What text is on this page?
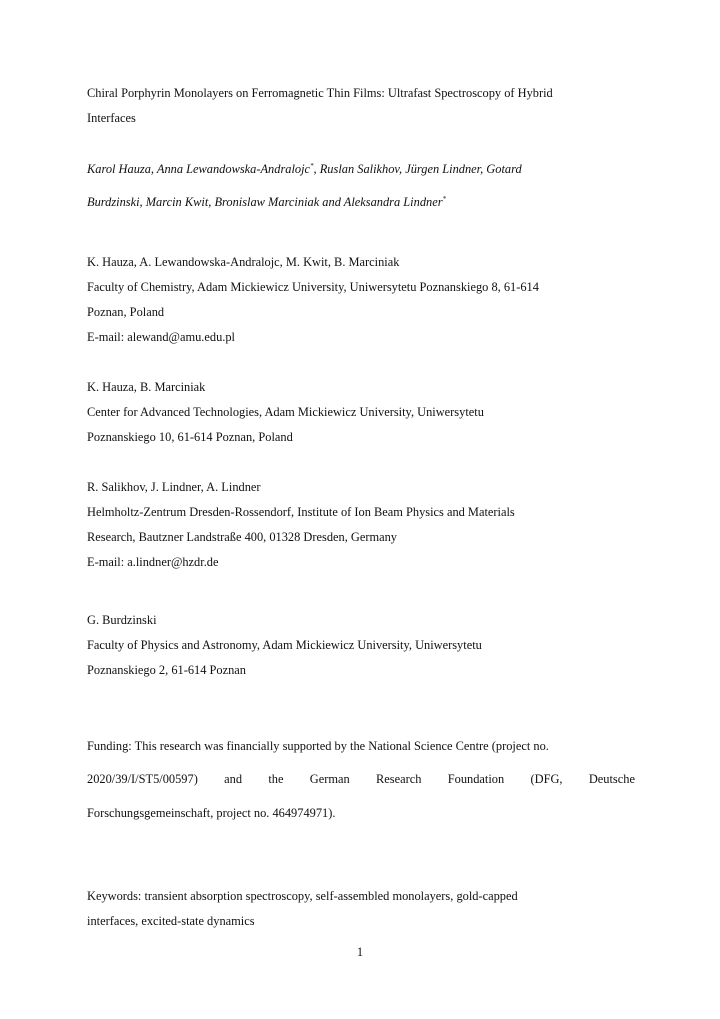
Chiral Porphyrin Monolayers on Ferromagnetic Thin Films: Ultrafast Spectroscopy of Hybrid
Interfaces
Karol Hauza, Anna Lewandowska-Andralojc*, Ruslan Salikhov, Jürgen Lindner, Gotard
Burdzinski, Marcin Kwit, Bronislaw Marciniak and Aleksandra Lindner*
K. Hauza, A. Lewandowska-Andralojc, M. Kwit, B. Marciniak
Faculty of Chemistry, Adam Mickiewicz University, Uniwersytetu Poznanskiego 8, 61-614
Poznan, Poland
E-mail: alewand@amu.edu.pl
K. Hauza, B. Marciniak
Center for Advanced Technologies, Adam Mickiewicz University, Uniwersytetu
Poznanskiego 10, 61-614 Poznan, Poland
R. Salikhov, J. Lindner, A. Lindner
Helmholtz-Zentrum Dresden-Rossendorf, Institute of Ion Beam Physics and Materials
Research, Bautzner Landstraße 400, 01328 Dresden, Germany
E-mail: a.lindner@hzdr.de
G. Burdzinski
Faculty of Physics and Astronomy, Adam Mickiewicz University, Uniwersytetu
Poznanskiego 2, 61-614 Poznan
Funding: This research was financially supported by the National Science Centre (project no.
2020/39/I/ST5/00597) and the German Research Foundation (DFG, Deutsche
Forschungsgemeinschaft, project no. 464974971).
Keywords: transient absorption spectroscopy, self-assembled monolayers, gold-capped
interfaces, excited-state dynamics
1
